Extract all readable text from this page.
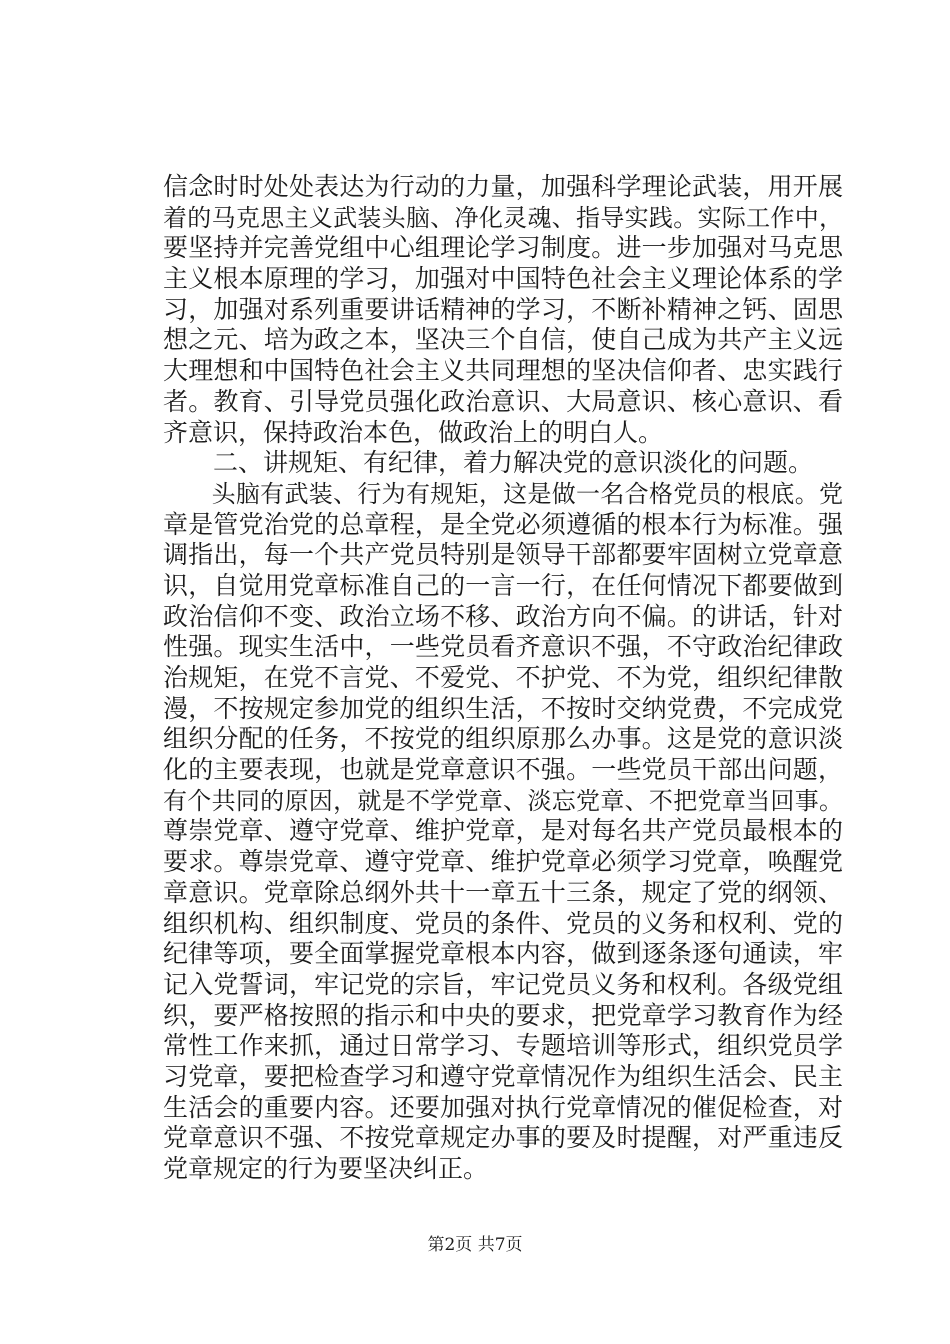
信念时时处处表达为行动的力量，加强科学理论武装，用开展
着的马克思主义武装头脑、净化灵魂、指导实践。实际工作中，
要坚持并完善党组中心组理论学习制度。进一步加强对马克思
主义根本原理的学习，加强对中国特色社会主义理论体系的学
习，加强对系列重要讲话精神的学习，不断补精神之钙、固思
想之元、培为政之本，坚决三个自信，使自己成为共产主义远
大理想和中国特色社会主义共同理想的坚决信仰者、忠实践行
者。教育、引导党员强化政治意识、大局意识、核心意识、看
齐意识，保持政治本色，做政治上的明白人。
　　二、讲规矩、有纪律，着力解决党的意识淡化的问题。
　　头脑有武装、行为有规矩，这是做一名合格党员的根底。党
章是管党治党的总章程，是全党必须遵循的根本行为标准。强
调指出，每一个共产党员特别是领导干部都要牢固树立党章意
识，自觉用党章标准自己的一言一行，在任何情况下都要做到
政治信仰不变、政治立场不移、政治方向不偏。的讲话，针对
性强。现实生活中，一些党员看齐意识不强，不守政治纪律政
治规矩，在党不言党、不爱党、不护党、不为党，组织纪律散
漫，不按规定参加党的组织生活，不按时交纳党费，不完成党
组织分配的任务，不按党的组织原那么办事。这是党的意识淡
化的主要表现，也就是党章意识不强。一些党员干部出问题，
有个共同的原因，就是不学党章、淡忘党章、不把党章当回事。
尊崇党章、遵守党章、维护党章，是对每名共产党员最根本的
要求。尊崇党章、遵守党章、维护党章必须学习党章，唤醒党
章意识。党章除总纲外共十一章五十三条，规定了党的纲领、
组织机构、组织制度、党员的条件、党员的义务和权利、党的
纪律等项，要全面掌握党章根本内容，做到逐条逐句通读，牢
记入党誓词，牢记党的宗旨，牢记党员义务和权利。各级党组
织，要严格按照的指示和中央的要求，把党章学习教育作为经
常性工作来抓，通过日常学习、专题培训等形式，组织党员学
习党章，要把检查学习和遵守党章情况作为组织生活会、民主
生活会的重要内容。还要加强对执行党章情况的催促检查，对
党章意识不强、不按党章规定办事的要及时提醒，对严重违反
党章规定的行为要坚决纠正。
第2页 共7页
